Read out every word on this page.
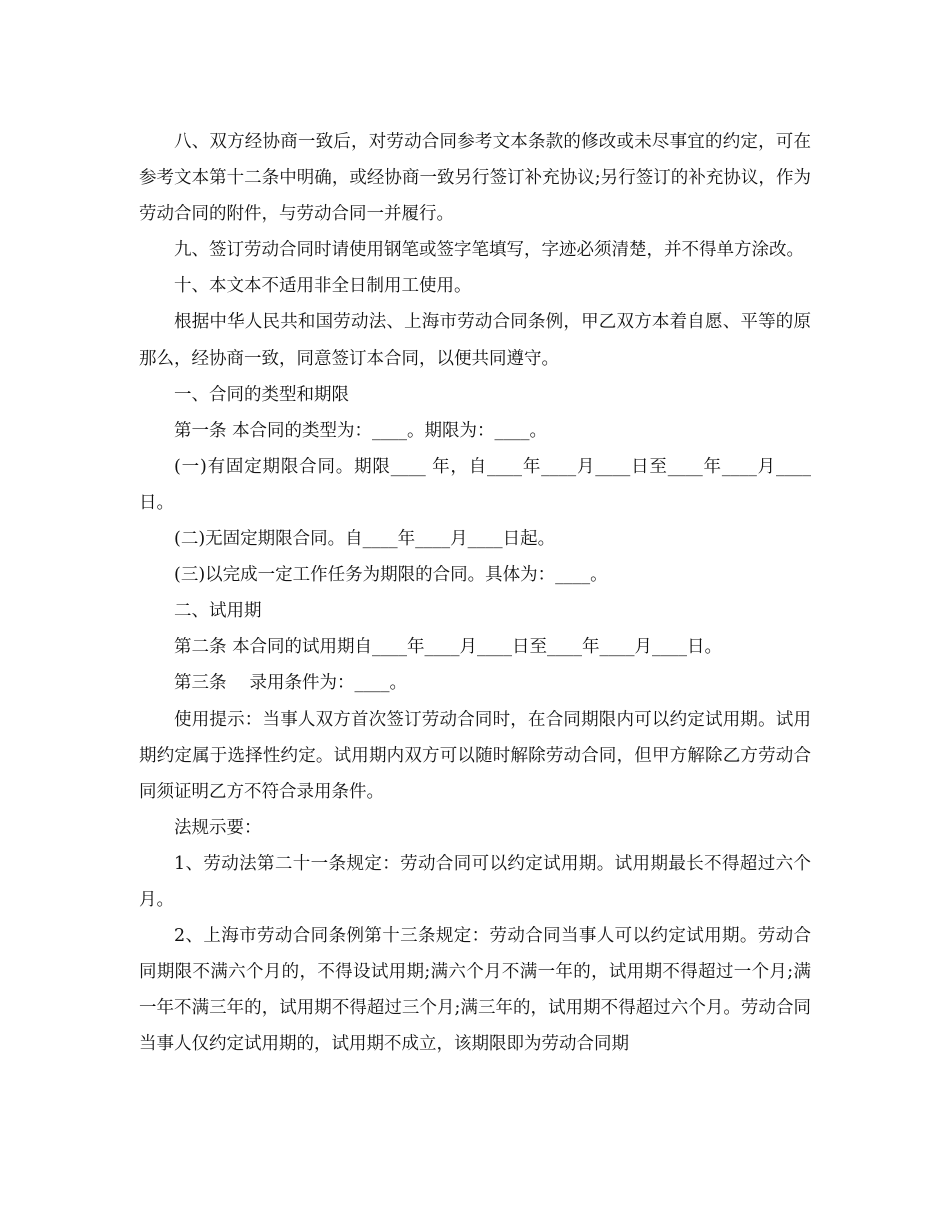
八、双方经协商一致后，对劳动合同参考文本条款的修改或未尽事宜的约定，可在参考文本第十二条中明确，或经协商一致另行签订补充协议;另行签订的补充协议，作为劳动合同的附件，与劳动合同一并履行。

九、签订劳动合同时请使用钢笔或签字笔填写，字迹必须清楚，并不得单方涂改。

十、本文本不适用非全日制用工使用。

根据中华人民共和国劳动法、上海市劳动合同条例，甲乙双方本着自愿、平等的原那么，经协商一致，同意签订本合同，以便共同遵守。

一、合同的类型和期限

第一条 本合同的类型为：____。期限为：____。

(一)有固定期限合同。期限____ 年，自____年____月____日至____年____月____日。

(二)无固定期限合同。自____年____月____日起。

(三)以完成一定工作任务为期限的合同。具体为：____。

二、试用期

第二条 本合同的试用期自____年____月____日至____年____月____日。

第三条　 录用条件为：____。

使用提示：当事人双方首次签订劳动合同时，在合同期限内可以约定试用期。试用期约定属于选择性约定。试用期内双方可以随时解除劳动合同，但甲方解除乙方劳动合同须证明乙方不符合录用条件。

法规示要：

1、劳动法第二十一条规定：劳动合同可以约定试用期。试用期最长不得超过六个月。

2、上海市劳动合同条例第十三条规定：劳动合同当事人可以约定试用期。劳动合同期限不满六个月的，不得设试用期;满六个月不满一年的，试用期不得超过一个月;满一年不满三年的，试用期不得超过三个月;满三年的，试用期不得超过六个月。劳动合同当事人仅约定试用期的，试用期不成立，该期限即为劳动合同期
